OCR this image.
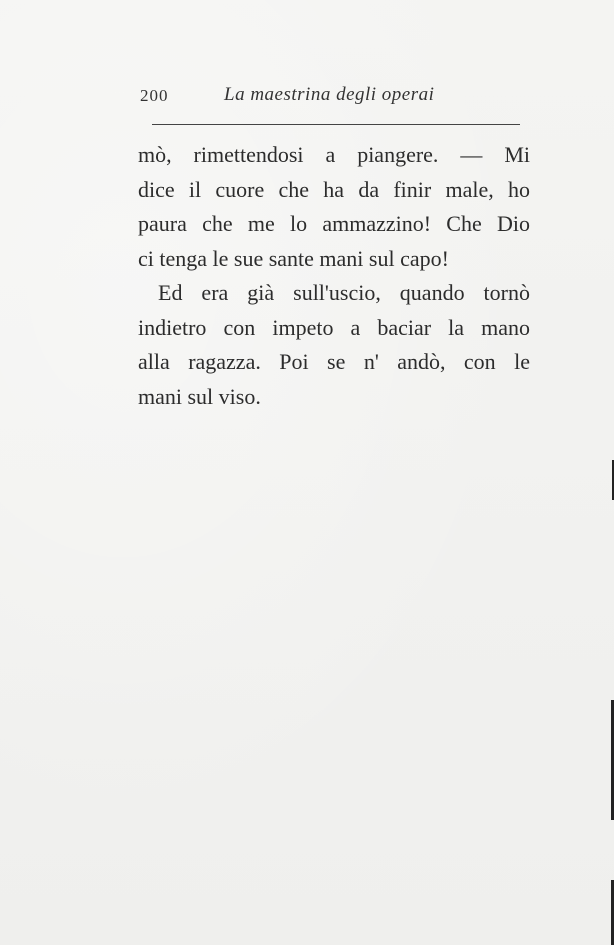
200	La maestrina degli operai
mò, rimettendosi a piangere. — Mi
dice il cuore che ha da finir male, ho
paura che me lo ammazzino! Che Dio
ci tenga le sue sante mani sul capo!
Ed era già sull'uscio, quando tornò
indietro con impeto a baciar la mano
alla ragazza. Poi se n' andò, con le
mani sul viso.
